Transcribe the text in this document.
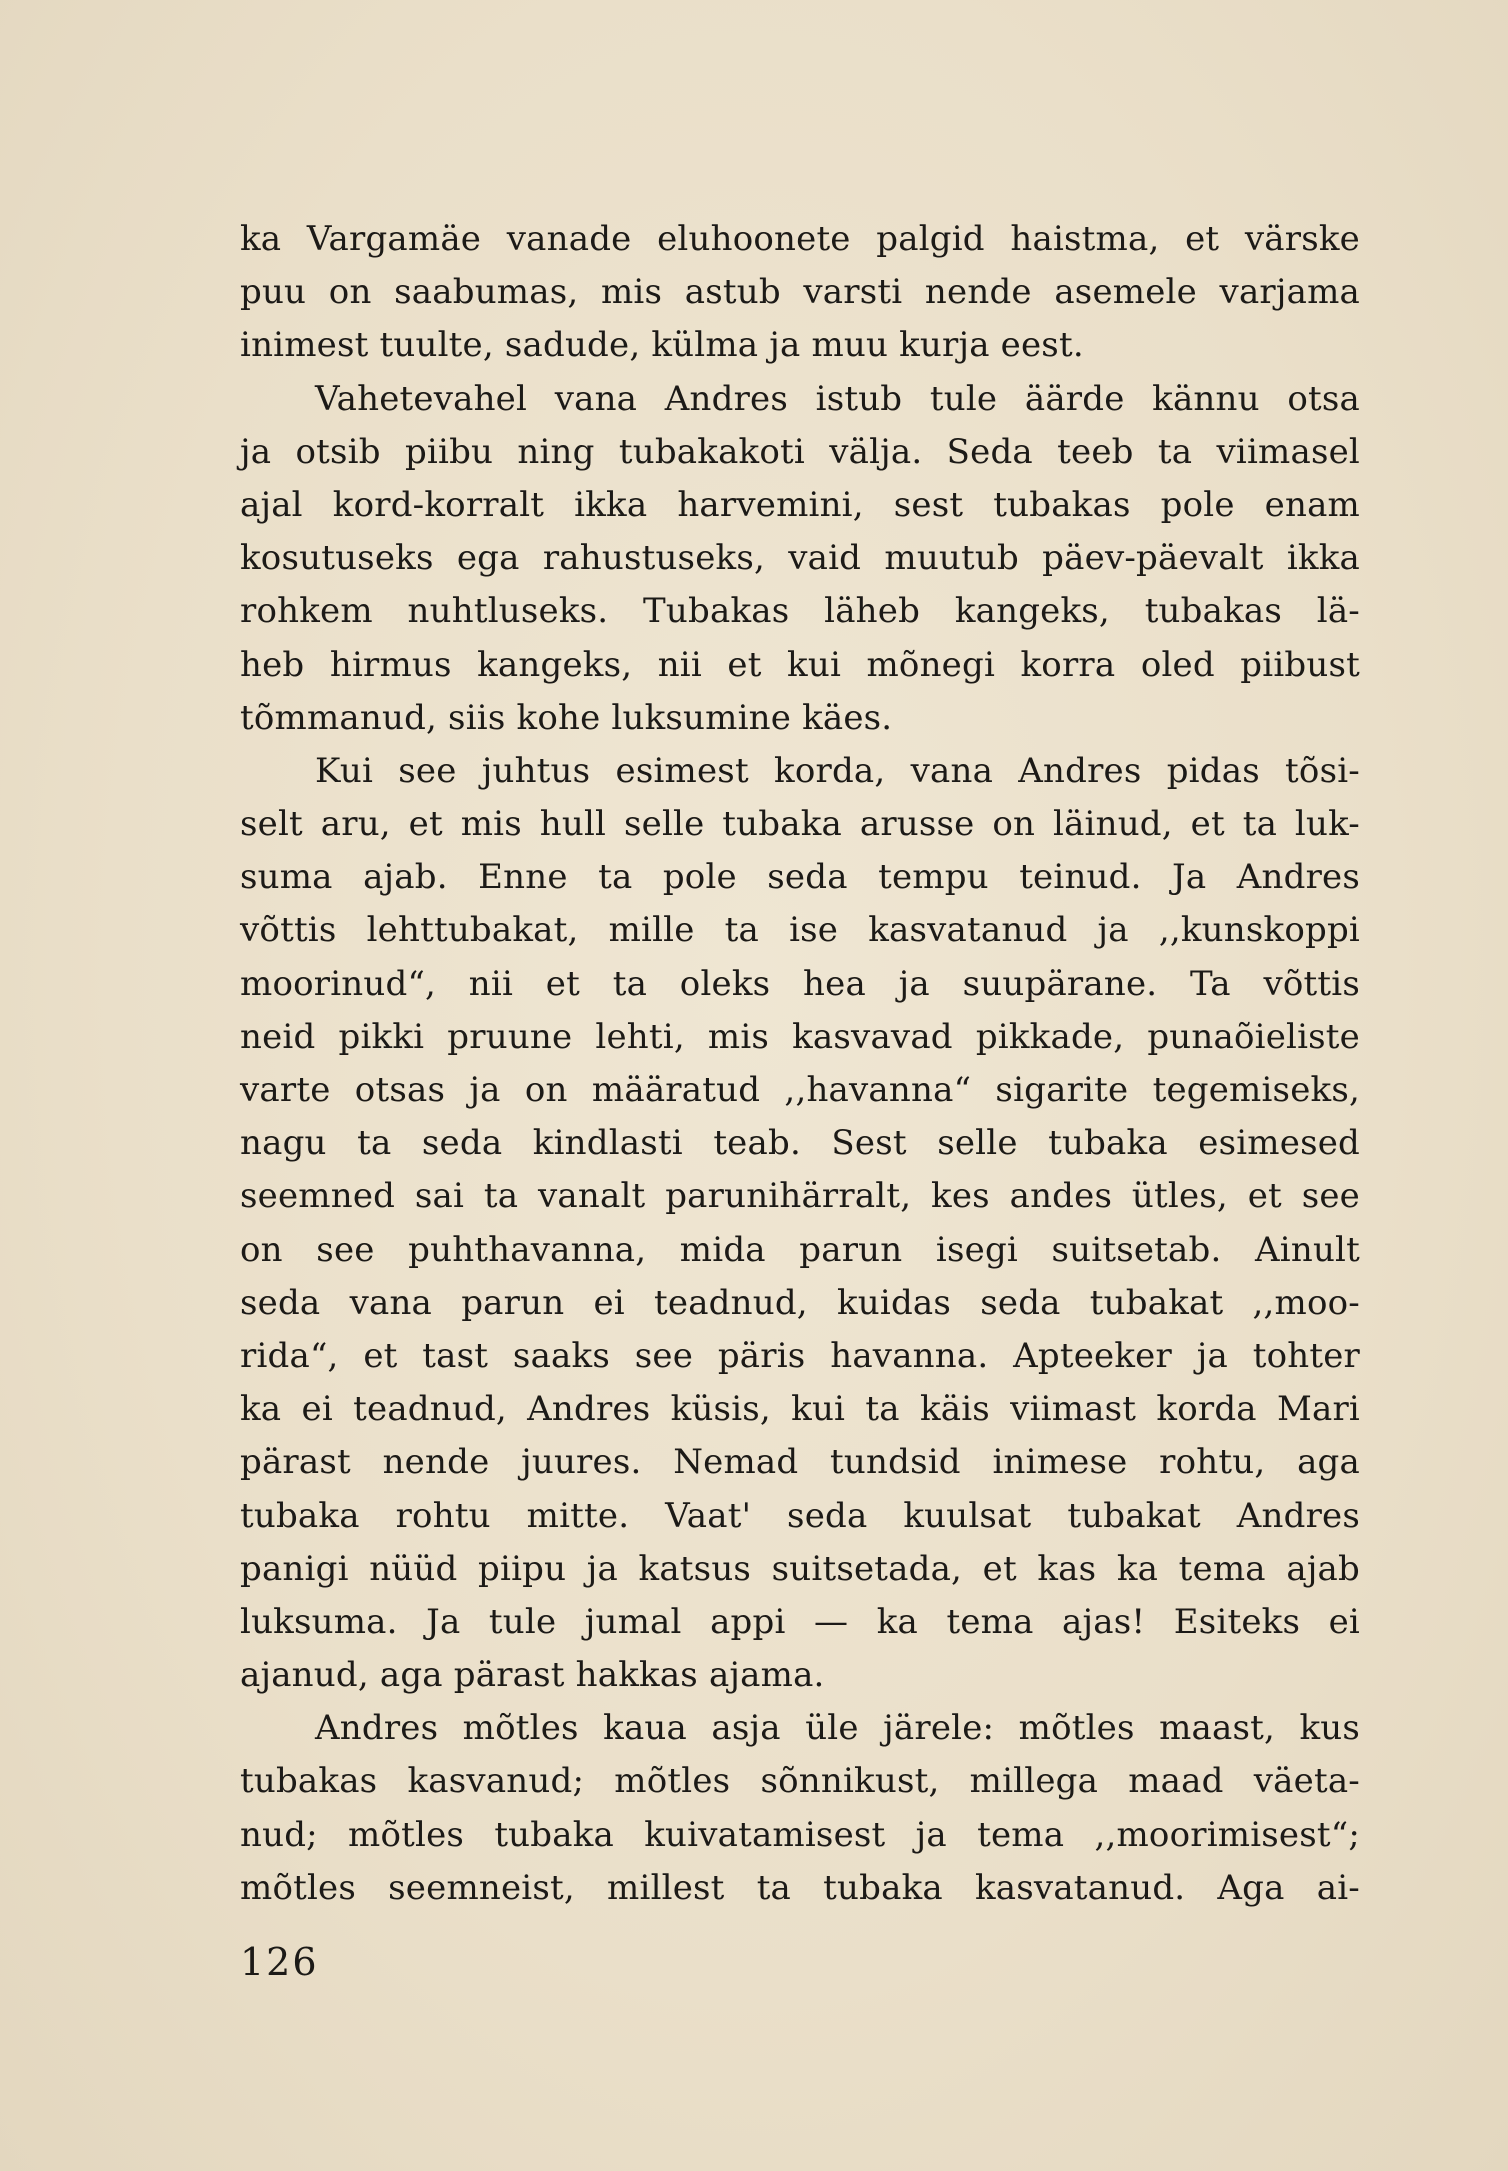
ka Vargamäe vanade eluhoonete palgid haistma, et värske
puu on saabumas, mis astub varsti nende asemele varjama
inimest tuulte, sadude, külma ja muu kurja eest.
Vahetevahel vana Andres istub tule äärde kännu otsa
ja otsib piibu ning tubakakoti välja. Seda teeb ta viimasel
ajal kord-korralt ikka harvemini, sest tubakas pole enam
kosutuseks ega rahustuseks, vaid muutub päev-päevalt ikka
rohkem nuhtluseks. Tubakas läheb kangeks, tubakas lä-
heb hirmus kangeks, nii et kui mõnegi korra oled piibust
tõmmanud, siis kohe luksumine käes.
Kui see juhtus esimest korda, vana Andres pidas tõsi-
selt aru, et mis hull selle tubaka arusse on läinud, et ta luk-
suma ajab. Enne ta pole seda tempu teinud. Ja Andres
võttis lehttubakat, mille ta ise kasvatanud ja ,,kunskoppi
moorinud“, nii et ta oleks hea ja suupärane. Ta võttis
neid pikki pruune lehti, mis kasvavad pikkade, punaõieliste
varte otsas ja on määratud ,,havanna“ sigarite tegemiseks,
nagu ta seda kindlasti teab. Sest selle tubaka esimesed
seemned sai ta vanalt parunihärralt, kes andes ütles, et see
on see puhthavanna, mida parun isegi suitsetab. Ainult
seda vana parun ei teadnud, kuidas seda tubakat ,,moo-
rida“, et tast saaks see päris havanna. Apteeker ja tohter
ka ei teadnud, Andres küsis, kui ta käis viimast korda Mari
pärast nende juures. Nemad tundsid inimese rohtu, aga
tubaka rohtu mitte. Vaat' seda kuulsat tubakat Andres
panigi nüüd piipu ja katsus suitsetada, et kas ka tema ajab
luksuma. Ja tule jumal appi — ka tema ajas! Esiteks ei
ajanud, aga pärast hakkas ajama.
Andres mõtles kaua asja üle järele: mõtles maast, kus
tubakas kasvanud; mõtles sõnnikust, millega maad väeta-
nud; mõtles tubaka kuivatamisest ja tema ,,moorimisest“;
mõtles seemneist, millest ta tubaka kasvatanud. Aga ai-
126
